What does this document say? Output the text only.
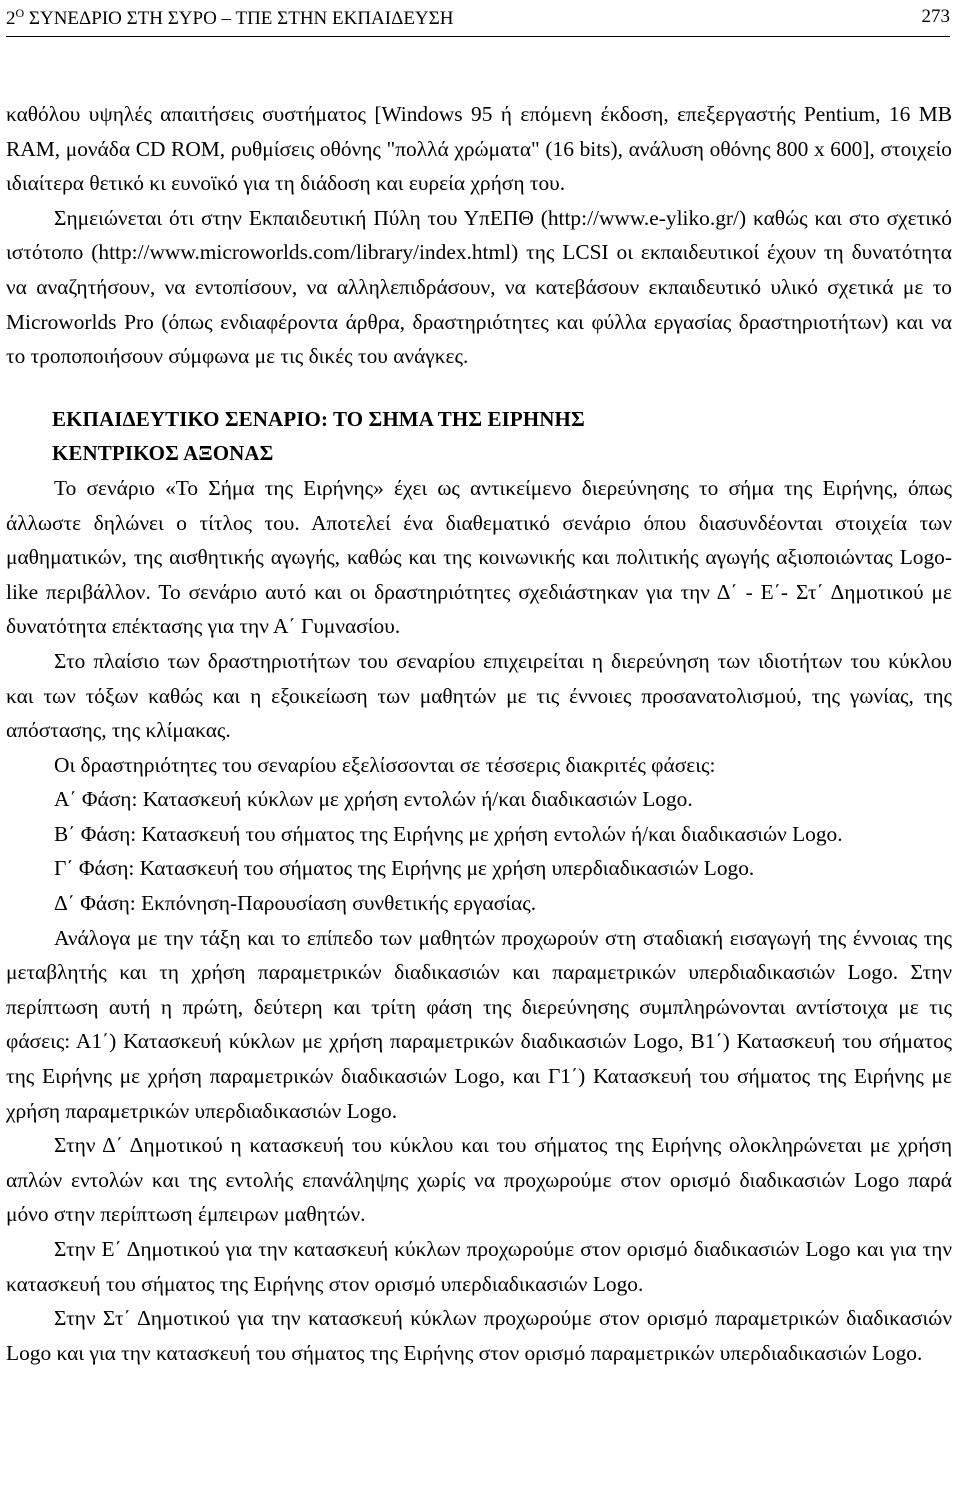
$2^O$ ΣΥΝΕΔΡΙΟ ΣΤΗ ΣΥΡΟ – ΤΠΕ ΣΤΗΝ ΕΚΠΑΙΔΕΥΣΗ	273

καθόλου υψηλές απαιτήσεις συστήματος [Windows 95 ή επόμενη έκδοση, επεξεργαστής Pentium, 16 MB RAM, μονάδα CD ROM, ρυθμίσεις οθόνης "πολλά χρώματα" (16 bits), ανάλυση οθόνης 800 x 600], στοιχείο ιδιαίτερα θετικό κι ευνοϊκό για τη διάδοση και ευρεία χρήση του.

Σημειώνεται ότι στην Εκπαιδευτική Πύλη του ΥπΕΠΘ (http://www.e-yliko.gr/) καθώς και στο σχετικό ιστότοπο (http://www.microworlds.com/library/index.html) της LCSI οι εκπαιδευτικοί έχουν τη δυνατότητα να αναζητήσουν, να εντοπίσουν, να αλληλεπιδράσουν, να κατεβάσουν εκπαιδευτικό υλικό σχετικά με το Microworlds Pro (όπως ενδιαφέροντα άρθρα, δραστηριότητες και φύλλα εργασίας δραστηριοτήτων) και να το τροποποιήσουν σύμφωνα με τις δικές του ανάγκες.

ΕΚΠΑΙΔΕΥΤΙΚΟ ΣΕΝΑΡΙΟ: ΤΟ ΣΗΜΑ ΤΗΣ ΕΙΡΗΝΗΣ

ΚΕΝΤΡΙΚΟΣ ΑΞΟΝΑΣ

Το σενάριο «Το Σήμα της Ειρήνης» έχει ως αντικείμενο διερεύνησης το σήμα της Ειρήνης, όπως άλλωστε δηλώνει ο τίτλος του. Αποτελεί ένα διαθεματικό σενάριο όπου διασυνδέονται στοιχεία των μαθηματικών, της αισθητικής αγωγής, καθώς και της κοινωνικής και πολιτικής αγωγής αξιοποιώντας Logo-like περιβάλλον. Το σενάριο αυτό και οι δραστηριότητες σχεδιάστηκαν για την Δ΄ - Ε΄- Στ΄ Δημοτικού με δυνατότητα επέκτασης για την Α΄ Γυμνασίου.

Στο πλαίσιο των δραστηριοτήτων του σεναρίου επιχειρείται η διερεύνηση των ιδιοτήτων του κύκλου και των τόξων καθώς και η εξοικείωση των μαθητών με τις έννοιες προσανατολισμού, της γωνίας, της απόστασης, της κλίμακας.

Οι δραστηριότητες του σεναρίου εξελίσσονται σε τέσσερις διακριτές φάσεις:

Α΄ Φάση: Κατασκευή κύκλων με χρήση εντολών ή/και διαδικασιών Logo.

Β΄ Φάση: Κατασκευή του σήματος της Ειρήνης με χρήση εντολών ή/και διαδικασιών Logo.

Γ΄ Φάση: Κατασκευή του σήματος της Ειρήνης με χρήση υπερδιαδικασιών Logo.

Δ΄ Φάση: Εκπόνηση-Παρουσίαση συνθετικής εργασίας.

Ανάλογα με την τάξη και το επίπεδο των μαθητών προχωρούν στη σταδιακή εισαγωγή της έννοιας της μεταβλητής και τη χρήση παραμετρικών διαδικασιών και παραμετρικών υπερδιαδικασιών Logo. Στην περίπτωση αυτή η πρώτη, δεύτερη και τρίτη φάση της διερεύνησης συμπληρώνονται αντίστοιχα με τις φάσεις: Α1΄) Κατασκευή κύκλων με χρήση παραμετρικών διαδικασιών Logo, Β1΄) Κατασκευή του σήματος της Ειρήνης με χρήση παραμετρικών διαδικασιών Logo, και Γ1΄) Κατασκευή του σήματος της Ειρήνης με χρήση παραμετρικών υπερδιαδικασιών Logo.

Στην Δ΄ Δημοτικού η κατασκευή του κύκλου και του σήματος της Ειρήνης ολοκληρώνεται με χρήση απλών εντολών και της εντολής επανάληψης χωρίς να προχωρούμε στον ορισμό διαδικασιών Logo παρά μόνο στην περίπτωση έμπειρων μαθητών.

Στην Ε΄ Δημοτικού για την κατασκευή κύκλων προχωρούμε στον ορισμό διαδικασιών Logo και για την κατασκευή του σήματος της Ειρήνης στον ορισμό υπερδιαδικασιών Logo.

Στην Στ΄ Δημοτικού για την κατασκευή κύκλων προχωρούμε στον ορισμό παραμετρικών διαδικασιών Logo και για την κατασκευή του σήματος της Ειρήνης στον ορισμό παραμετρικών υπερδιαδικασιών Logo.
